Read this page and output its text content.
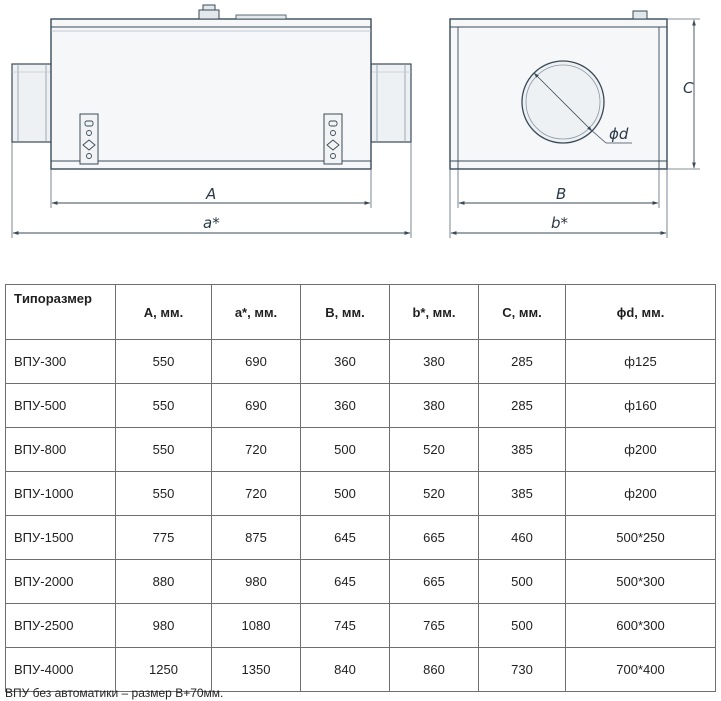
A
a*
ϕd
C
B
b*
Tипоразмер	A, мм.	a*, мм.	B, мм.	b*, мм.	C, мм.	ϕd, мм.
ВПУ-300	550	690	360	380	285	ф125
ВПУ-500	550	690	360	380	285	ф160
ВПУ-800	550	720	500	520	385	ф200
ВПУ-1000	550	720	500	520	385	ф200
ВПУ-1500	775	875	645	665	460	500*250
ВПУ-2000	880	980	645	665	500	500*300
ВПУ-2500	980	1080	745	765	500	600*300
ВПУ-4000	1250	1350	840	860	730	700*400
ВПУ без автоматики – размер В+70мм.
